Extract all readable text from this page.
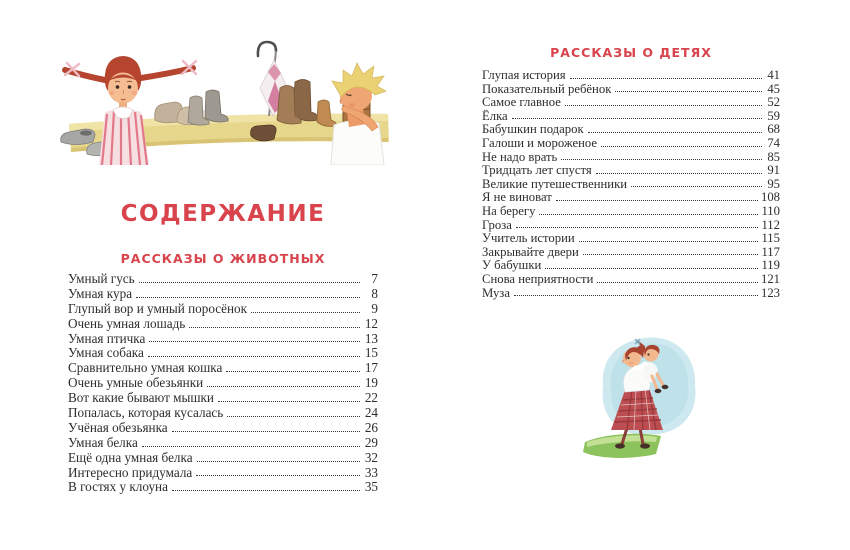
СОДЕРЖАНИЕ
РАССКАЗЫ О ЖИВОТНЫХ
Умный гусь	7
Умная кура	8
Глупый вор и умный поросёнок	9
Очень умная лошадь	12
Умная птичка	13
Умная собака	15
Сравнительно умная кошка	17
Очень умные обезьянки	19
Вот какие бывают мышки	22
Попалась, которая кусалась	24
Учёная обезьянка	26
Умная белка	29
Ещё одна умная белка	32
Интересно придумала	33
В гостях у клоуна	35
РАССКАЗЫ О ДЕТЯХ
Глупая история	41
Показательный ребёнок	45
Самое главное	52
Ёлка	59
Бабушкин подарок	68
Галоши и мороженое	74
Не надо врать	85
Тридцать лет спустя	91
Великие путешественники	95
Я не виноват	108
На берегу	110
Гроза	112
Учитель истории	115
Закрывайте двери	117
У бабушки	119
Снова неприятности	121
Муза	123
